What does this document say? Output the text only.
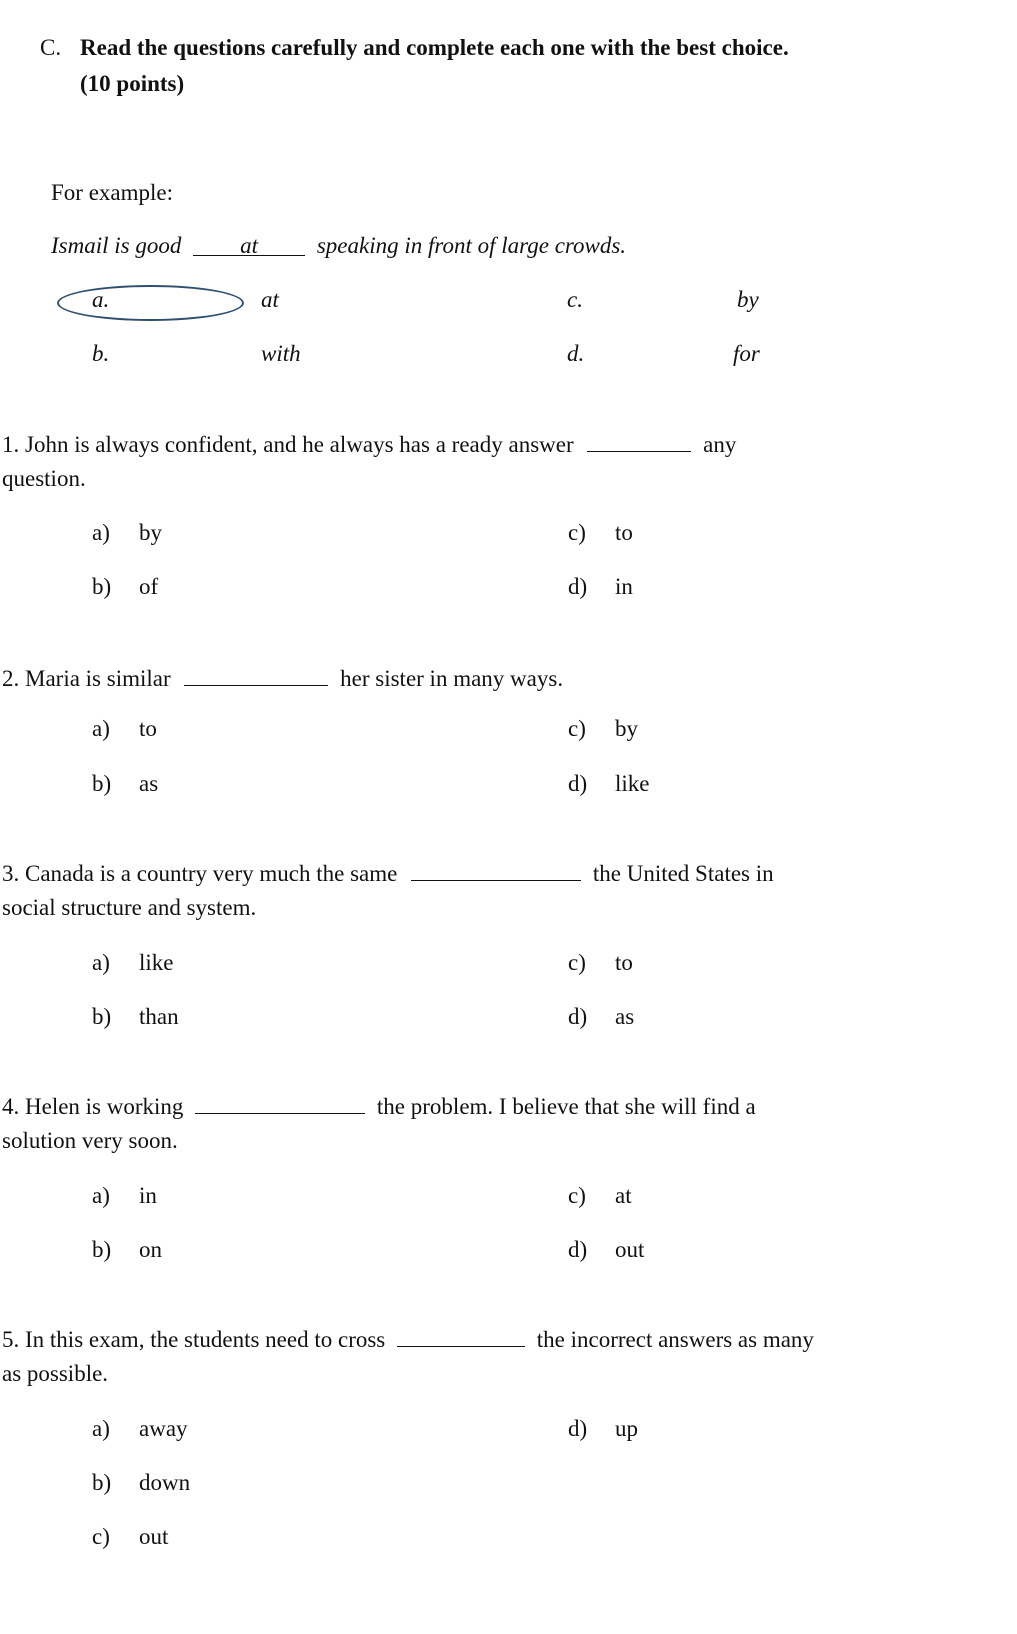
C. Read the questions carefully and complete each one with the best choice.
(10 points)
For example:
Ismail is good	at	speaking in front of large crowds.
a.	at	c.	by
b.	with	d.	for
1. John is always confident, and he always has a ready answer	any
question.
a) by	c) to
b) of	d) in
2. Maria is similar	her sister in many ways.
a) to	c) by
b) as	d) like
3. Canada is a country very much the same	the United States in
social structure and system.
a) like	c) to
b) than	d) as
4. Helen is working	the problem. I believe that she will find a
solution very soon.
a) in	c) at
b) on	d) out
5. In this exam, the students need to cross	the incorrect answers as many
as possible.
a) away	d) up
b) down
c) out
